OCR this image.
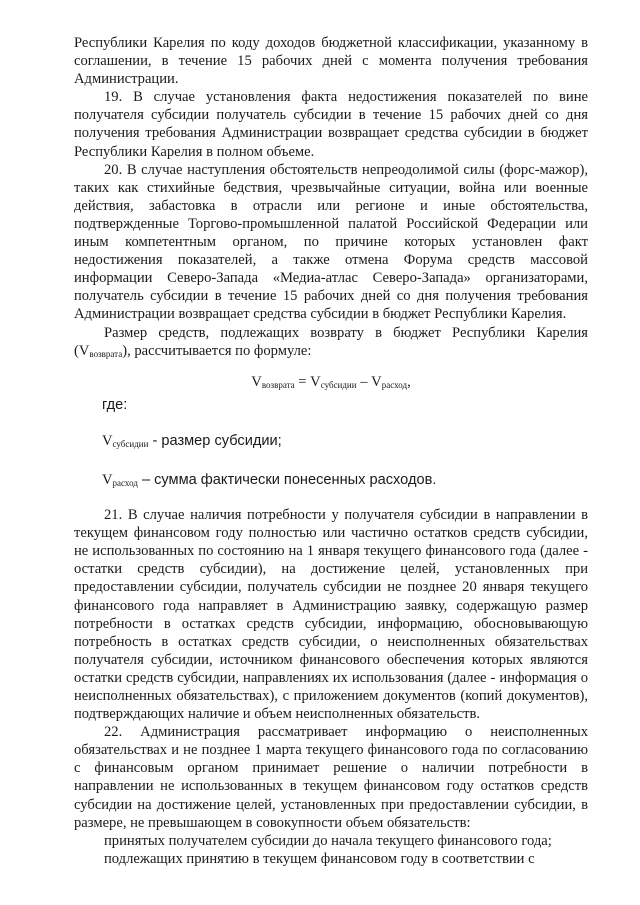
Республики Карелия по коду доходов бюджетной классификации, указанному в соглашении, в течение 15 рабочих дней с момента получения требования Администрации.

19. В случае установления факта недостижения показателей по вине получателя субсидии получатель субсидии в течение 15 рабочих дней со дня получения требования Администрации возвращает средства субсидии в бюджет Республики Карелия в полном объеме.

20. В случае наступления обстоятельств непреодолимой силы (форс-мажор), таких как стихийные бедствия, чрезвычайные ситуации, война или военные действия, забастовка в отрасли или регионе и иные обстоятельства, подтвержденные Торгово-промышленной палатой Российской Федерации или иным компетентным органом, по причине которых установлен факт недостижения показателей, а также отмена Форума средств массовой информации Северо-Запада «Медиа-атлас Северо-Запада» организаторами, получатель субсидии в течение 15 рабочих дней со дня получения требования Администрации возвращает средства субсидии в бюджет Республики Карелия.

Размер средств, подлежащих возврату в бюджет Республики Карелия $(V_{возврата})$, рассчитывается по формуле:

$V_{возврата} = V_{субсидии} - V_{расход}$,

где:

$V_{субсидии}$ - размер субсидии;

$V_{расход}$ – сумма фактически понесенных расходов.

21. В случае наличия потребности у получателя субсидии в направлении в текущем финансовом году полностью или частично остатков средств субсидии, не использованных по состоянию на 1 января текущего финансового года (далее - остатки средств субсидии), на достижение целей, установленных при предоставлении субсидии, получатель субсидии не позднее 20 января текущего финансового года направляет в Администрацию заявку, содержащую размер потребности в остатках средств субсидии, информацию, обосновывающую потребность в остатках средств субсидии, о неисполненных обязательствах получателя субсидии, источником финансового обеспечения которых являются остатки средств субсидии, направлениях их использования (далее - информация о неисполненных обязательствах), с приложением документов (копий документов), подтверждающих наличие и объем неисполненных обязательств.

22. Администрация рассматривает информацию о неисполненных обязательствах и не позднее 1 марта текущего финансового года по согласованию с финансовым органом принимает решение о наличии потребности в направлении не использованных в текущем финансовом году остатков средств субсидии на достижение целей, установленных при предоставлении субсидии, в размере, не превышающем в совокупности объем обязательств:

принятых получателем субсидии до начала текущего финансового года;

подлежащих принятию в текущем финансовом году в соответствии с
